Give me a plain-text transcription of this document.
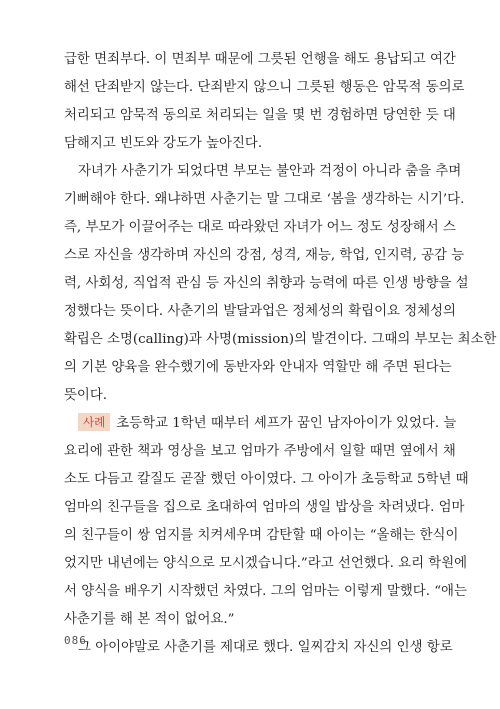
급한 면죄부다. 이 면죄부 때문에 그릇된 언행을 해도 용납되고 여간
해선 단죄받지 않는다. 단죄받지 않으니 그릇된 행동은 암묵적 동의로
처리되고 암묵적 동의로 처리되는 일을 몇 번 경험하면 당연한 듯 대
담해지고 빈도와 강도가 높아진다.
자녀가 사춘기가 되었다면 부모는 불안과 걱정이 아니라 춤을 추며
기뻐해야 한다. 왜냐하면 사춘기는 말 그대로 ‘봄을 생각하는 시기’다.
즉, 부모가 이끌어주는 대로 따라왔던 자녀가 어느 정도 성장해서 스
스로 자신을 생각하며 자신의 강점, 성격, 재능, 학업, 인지력, 공감 능
력, 사회성, 직업적 관심 등 자신의 취향과 능력에 따른 인생 방향을 설
정했다는 뜻이다. 사춘기의 발달과업은 정체성의 확립이요 정체성의
확립은 소명(calling)과 사명(mission)의 발견이다. 그때의 부모는 최소한
의 기본 양육을 완수했기에 동반자와 안내자 역할만 해 주면 된다는
뜻이다.
사례 초등학교 1학년 때부터 셰프가 꿈인 남자아이가 있었다. 늘
요리에 관한 책과 영상을 보고 엄마가 주방에서 일할 때면 옆에서 채
소도 다듬고 칼질도 곧잘 했던 아이였다. 그 아이가 초등학교 5학년 때
엄마의 친구들을 집으로 초대하여 엄마의 생일 밥상을 차려냈다. 엄마
의 친구들이 쌍 엄지를 치켜세우며 감탄할 때 아이는 “올해는 한식이
었지만 내년에는 양식으로 모시겠습니다.”라고 선언했다. 요리 학원에
서 양식을 배우기 시작했던 차였다. 그의 엄마는 이렇게 말했다. “애는
사춘기를 해 본 적이 없어요.”
그 아이야말로 사춘기를 제대로 했다. 일찌감치 자신의 인생 항로
086
